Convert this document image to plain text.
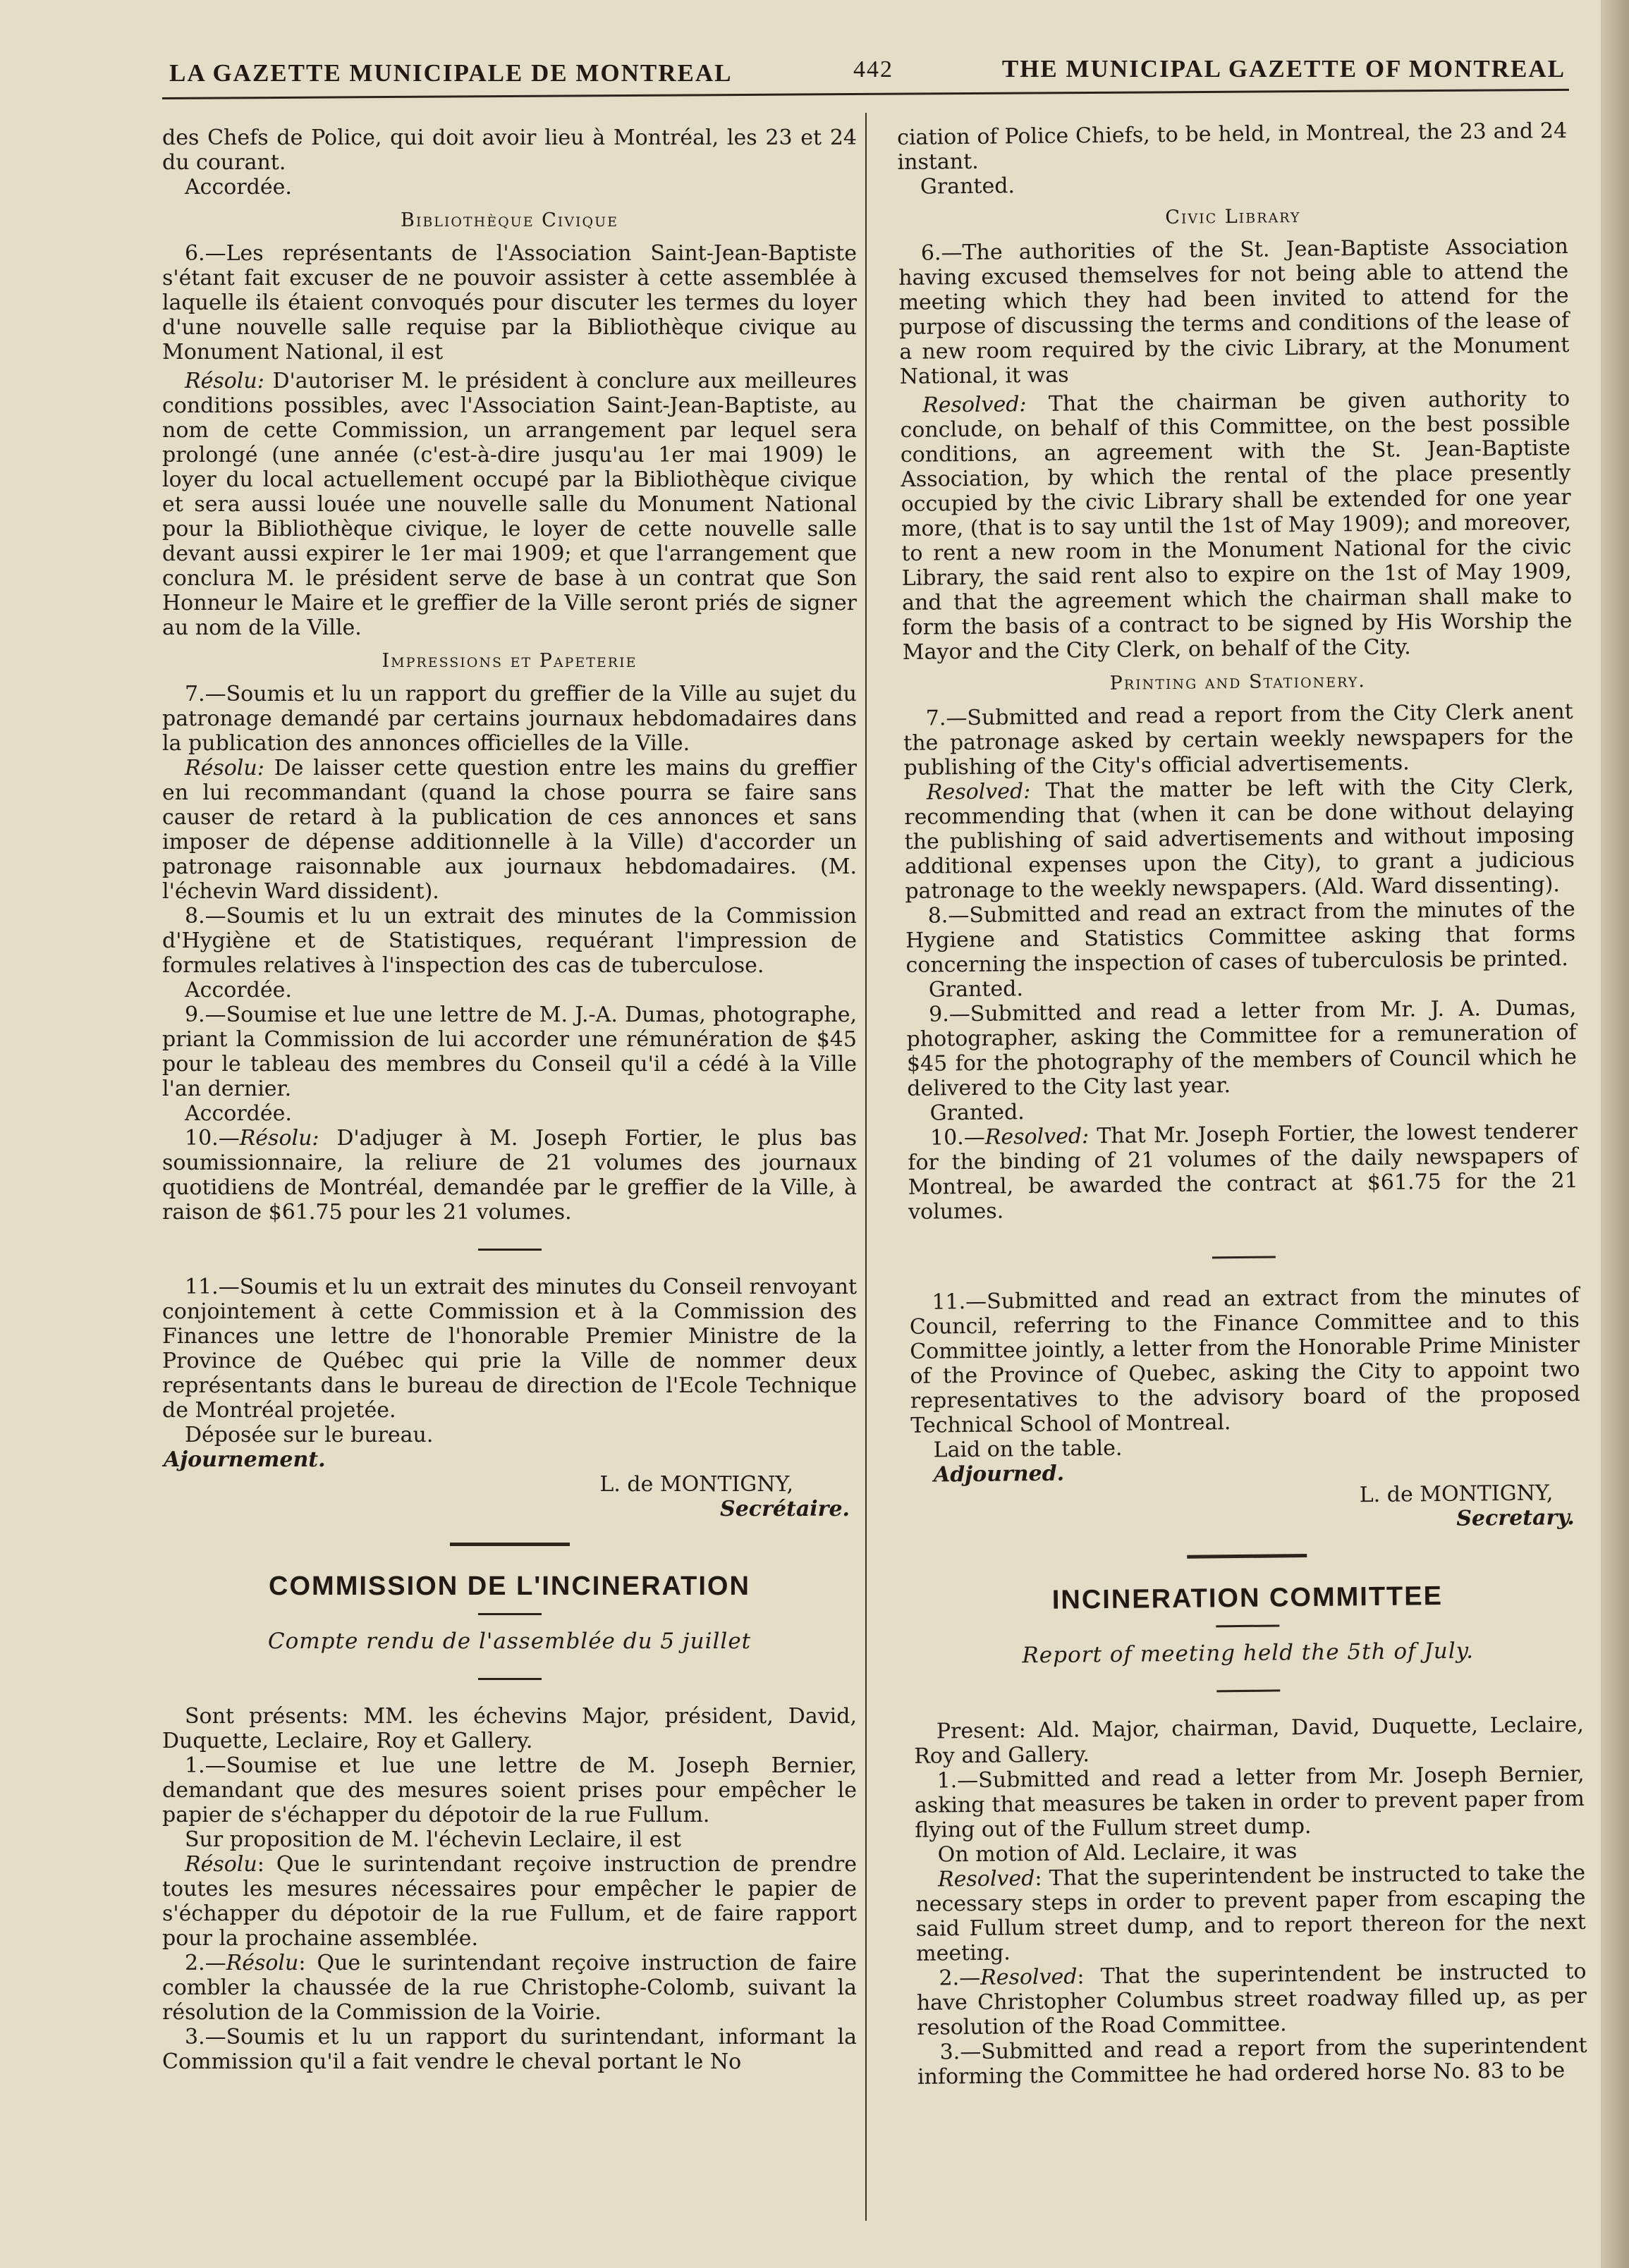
LA GAZETTE MUNICIPALE DE MONTREAL	442	THE MUNICIPAL GAZETTE OF MONTREAL

des Chefs de Police, qui doit avoir lieu à Montréal, les 23 et 24 du courant.

Accordée.

Bibliothèque Civique

6.—Les représentants de l'Association Saint-Jean-Baptiste s'étant fait excuser de ne pouvoir assister à cette assemblée à laquelle ils étaient convoqués pour discuter les termes du loyer d'une nouvelle salle requise par la Bibliothèque civique au Monument National, il est

Résolu: D'autoriser M. le président à conclure aux meilleures conditions possibles, avec l'Association Saint-Jean-Baptiste, au nom de cette Commission, un arrangement par lequel sera prolongé (une année (c'est-à-dire jusqu'au 1er mai 1909) le loyer du local actuellement occupé par la Bibliothèque civique et sera aussi louée une nouvelle salle du Monument National pour la Bibliothèque civique, le loyer de cette nouvelle salle devant aussi expirer le 1er mai 1909; et que l'arrangement que conclura M. le président serve de base à un contrat que Son Honneur le Maire et le greffier de la Ville seront priés de signer au nom de la Ville.

Impressions et Papeterie

7.—Soumis et lu un rapport du greffier de la Ville au sujet du patronage demandé par certains journaux hebdomadaires dans la publication des annonces officielles de la Ville.

Résolu: De laisser cette question entre les mains du greffier en lui recommandant (quand la chose pourra se faire sans causer de retard à la publication de ces annonces et sans imposer de dépense additionnelle à la Ville) d'accorder un patronage raisonnable aux journaux hebdomadaires. (M. l'échevin Ward dissident).

8.—Soumis et lu un extrait des minutes de la Commission d'Hygiène et de Statistiques, requérant l'impression de formules relatives à l'inspection des cas de tuberculose.

Accordée.

9.—Soumise et lue une lettre de M. J.-A. Dumas, photographe, priant la Commission de lui accorder une rémunération de $45 pour le tableau des membres du Conseil qu'il a cédé à la Ville l'an dernier.

Accordée.

10.—Résolu: D'adjuger à M. Joseph Fortier, le plus bas soumissionnaire, la reliure de 21 volumes des journaux quotidiens de Montréal, demandée par le greffier de la Ville, à raison de $61.75 pour les 21 volumes.

11.—Soumis et lu un extrait des minutes du Conseil renvoyant conjointement à cette Commission et à la Commission des Finances une lettre de l'honorable Premier Ministre de la Province de Québec qui prie la Ville de nommer deux représentants dans le bureau de direction de l'Ecole Technique de Montréal projetée.

Déposée sur le bureau.

Ajournement.

L. de MONTIGNY,

Secrétaire.

COMMISSION DE L'INCINERATION

Compte rendu de l'assemblée du 5 juillet

Sont présents: MM. les échevins Major, président, David, Duquette, Leclaire, Roy et Gallery.

1.—Soumise et lue une lettre de M. Joseph Bernier, demandant que des mesures soient prises pour empêcher le papier de s'échapper du dépotoir de la rue Fullum.

Sur proposition de M. l'échevin Leclaire, il est

Résolu: Que le surintendant reçoive instruction de prendre toutes les mesures nécessaires pour empêcher le papier de s'échapper du dépotoir de la rue Fullum, et de faire rapport pour la prochaine assemblée.

2.—Résolu: Que le surintendant reçoive instruction de faire combler la chaussée de la rue Christophe-Colomb, suivant la résolution de la Commission de la Voirie.

3.—Soumis et lu un rapport du surintendant, informant la Commission qu'il a fait vendre le cheval portant le No

ciation of Police Chiefs, to be held, in Montreal, the 23 and 24 instant.

Granted.

Civic Library

6.—The authorities of the St. Jean-Baptiste Association having excused themselves for not being able to attend the meeting which they had been invited to attend for the purpose of discussing the terms and conditions of the lease of a new room required by the civic Library, at the Monument National, it was

Resolved: That the chairman be given authority to conclude, on behalf of this Committee, on the best possible conditions, an agreement with the St. Jean-Baptiste Association, by which the rental of the place presently occupied by the civic Library shall be extended for one year more, (that is to say until the 1st of May 1909); and moreover, to rent a new room in the Monument National for the civic Library, the said rent also to expire on the 1st of May 1909, and that the agreement which the chairman shall make to form the basis of a contract to be signed by His Worship the Mayor and the City Clerk, on behalf of the City.

Printing and Stationery.

7.—Submitted and read a report from the City Clerk anent the patronage asked by certain weekly newspapers for the publishing of the City's official advertisements.

Resolved: That the matter be left with the City Clerk, recommending that (when it can be done without delaying the publishing of said advertisements and without imposing additional expenses upon the City), to grant a judicious patronage to the weekly newspapers. (Ald. Ward dissenting).

8.—Submitted and read an extract from the minutes of the Hygiene and Statistics Committee asking that forms concerning the inspection of cases of tuberculosis be printed.

Granted.

9.—Submitted and read a letter from Mr. J. A. Dumas, photographer, asking the Committee for a remuneration of $45 for the photography of the members of Council which he delivered to the City last year.

Granted.

10.—Resolved: That Mr. Joseph Fortier, the lowest tenderer for the binding of 21 volumes of the daily newspapers of Montreal, be awarded the contract at $61.75 for the 21 volumes.

11.—Submitted and read an extract from the minutes of Council, referring to the Finance Committee and to this Committee jointly, a letter from the Honorable Prime Minister of the Province of Quebec, asking the City to appoint two representatives to the advisory board of the proposed Technical School of Montreal.

Laid on the table.

Adjourned.

L. de MONTIGNY,

Secretary.

INCINERATION COMMITTEE

Report of meeting held the 5th of July.

Present: Ald. Major, chairman, David, Duquette, Leclaire, Roy and Gallery.

1.—Submitted and read a letter from Mr. Joseph Bernier, asking that measures be taken in order to prevent paper from flying out of the Fullum street dump.

On motion of Ald. Leclaire, it was

Resolved: That the superintendent be instructed to take the necessary steps in order to prevent paper from escaping the said Fullum street dump, and to report thereon for the next meeting.

2.—Resolved: That the superintendent be instructed to have Christopher Columbus street roadway filled up, as per resolution of the Road Committee.

3.—Submitted and read a report from the superintendent informing the Committee he had ordered horse No. 83 to be
